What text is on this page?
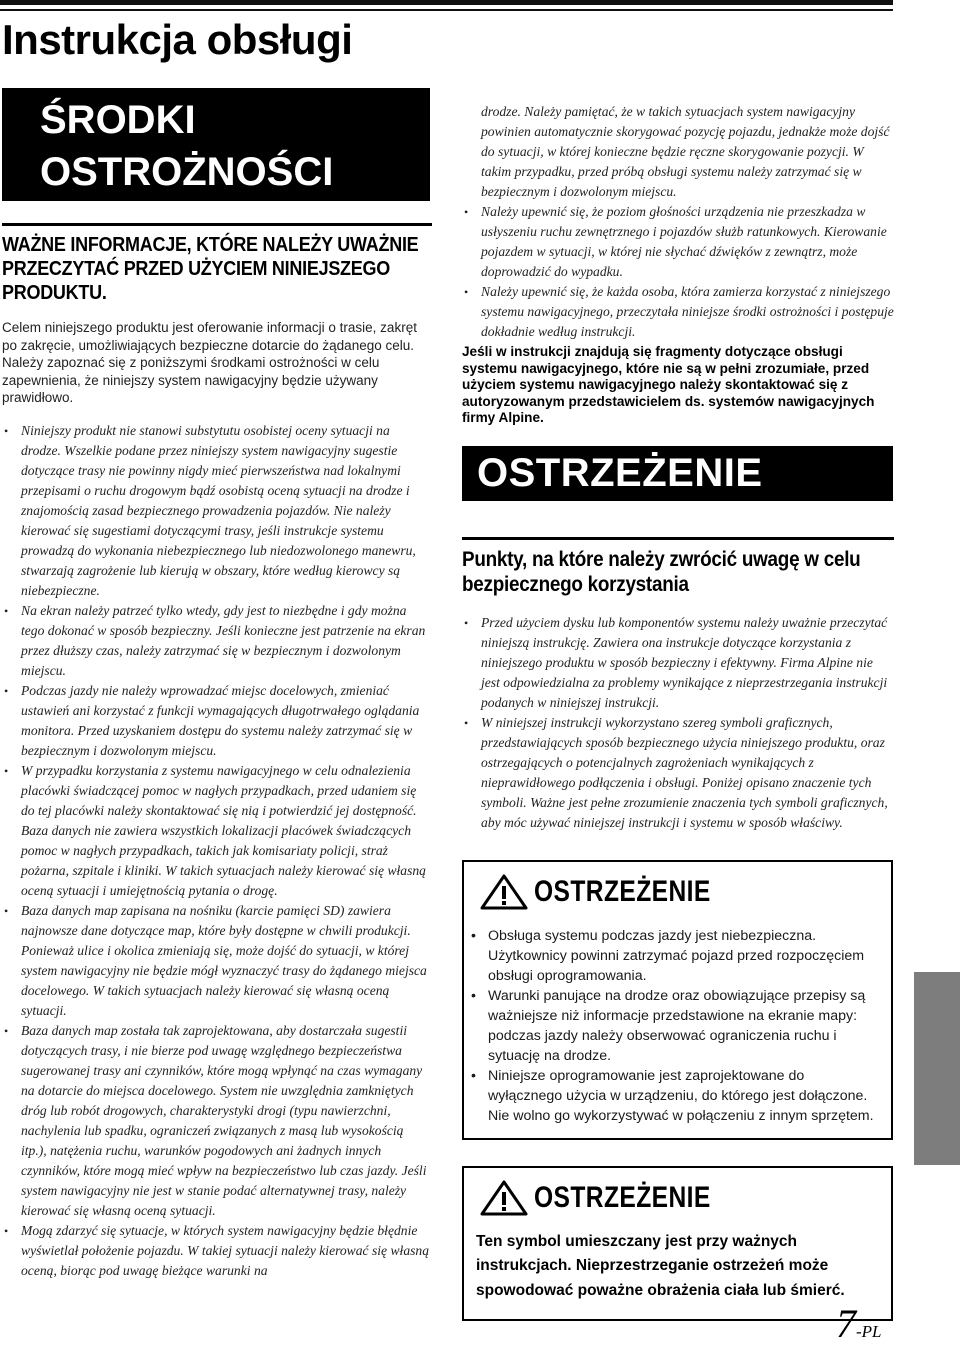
Instrukcja obsługi
ŚRODKI
OSTROŻNOŚCI
WAŻNE INFORMACJE, KTÓRE NALEŻY UWAŻNIE PRZECZYTAĆ PRZED UŻYCIEM NINIEJSZEGO PRODUKTU.
Celem niniejszego produktu jest oferowanie informacji o trasie, zakręt po zakręcie, umożliwiających bezpieczne dotarcie do żądanego celu. Należy zapoznać się z poniższymi środkami ostrożności w celu zapewnienia, że niniejszy system nawigacyjny będzie używany prawidłowo.
• Niniejszy produkt nie stanowi substytutu osobistej oceny sytuacji na drodze. Wszelkie podane przez niniejszy system nawigacyjny sugestie dotyczące trasy nie powinny nigdy mieć pierwszeństwa nad lokalnymi przepisami o ruchu drogowym bądź osobistą oceną sytuacji na drodze i znajomością zasad bezpiecznego prowadzenia pojazdów. Nie należy kierować się sugestiami dotyczącymi trasy, jeśli instrukcje systemu prowadzą do wykonania niebezpiecznego lub niedozwolonego manewru, stwarzają zagrożenie lub kierują w obszary, które według kierowcy są niebezpieczne.
• Na ekran należy patrzeć tylko wtedy, gdy jest to niezbędne i gdy można tego dokonać w sposób bezpieczny. Jeśli konieczne jest patrzenie na ekran przez dłuższy czas, należy zatrzymać się w bezpiecznym i dozwolonym miejscu.
• Podczas jazdy nie należy wprowadzać miejsc docelowych, zmieniać ustawień ani korzystać z funkcji wymagających długotrwałego oglądania monitora. Przed uzyskaniem dostępu do systemu należy zatrzymać się w bezpiecznym i dozwolonym miejscu.
• W przypadku korzystania z systemu nawigacyjnego w celu odnalezienia placówki świadczącej pomoc w nagłych przypadkach, przed udaniem się do tej placówki należy skontaktować się nią i potwierdzić jej dostępność. Baza danych nie zawiera wszystkich lokalizacji placówek świadczących pomoc w nagłych przypadkach, takich jak komisariaty policji, straż pożarna, szpitale i kliniki. W takich sytuacjach należy kierować się własną oceną sytuacji i umiejętnością pytania o drogę.
• Baza danych map zapisana na nośniku (karcie pamięci SD) zawiera najnowsze dane dotyczące map, które były dostępne w chwili produkcji. Ponieważ ulice i okolica zmieniają się, może dojść do sytuacji, w której system nawigacyjny nie będzie mógł wyznaczyć trasy do żądanego miejsca docelowego. W takich sytuacjach należy kierować się własną oceną sytuacji.
• Baza danych map została tak zaprojektowana, aby dostarczała sugestii dotyczących trasy, i nie bierze pod uwagę względnego bezpieczeństwa sugerowanej trasy ani czynników, które mogą wpłynąć na czas wymagany na dotarcie do miejsca docelowego. System nie uwzględnia zamkniętych dróg lub robót drogowych, charakterystyki drogi (typu nawierzchni, nachylenia lub spadku, ograniczeń związanych z masą lub wysokością itp.), natężenia ruchu, warunków pogodowych ani żadnych innych czynników, które mogą mieć wpływ na bezpieczeństwo lub czas jazdy. Jeśli system nawigacyjny nie jest w stanie podać alternatywnej trasy, należy kierować się własną oceną sytuacji.
• Mogą zdarzyć się sytuacje, w których system nawigacyjny będzie błędnie wyświetlał położenie pojazdu. W takiej sytuacji należy kierować się własną oceną, biorąc pod uwagę bieżące warunki na
drodze. Należy pamiętać, że w takich sytuacjach system nawigacyjny powinien automatycznie skorygować pozycję pojazdu, jednakże może dojść do sytuacji, w której konieczne będzie ręczne skorygowanie pozycji. W takim przypadku, przed próbą obsługi systemu należy zatrzymać się w bezpiecznym i dozwolonym miejscu.
• Należy upewnić się, że poziom głośności urządzenia nie przeszkadza w usłyszeniu ruchu zewnętrznego i pojazdów służb ratunkowych. Kierowanie pojazdem w sytuacji, w której nie słychać dźwięków z zewnątrz, może doprowadzić do wypadku.
• Należy upewnić się, że każda osoba, która zamierza korzystać z niniejszego systemu nawigacyjnego, przeczytała niniejsze środki ostrożności i postępuje dokładnie według instrukcji.
Jeśli w instrukcji znajdują się fragmenty dotyczące obsługi systemu nawigacyjnego, które nie są w pełni zrozumiałe, przed użyciem systemu nawigacyjnego należy skontaktować się z autoryzowanym przedstawicielem ds. systemów nawigacyjnych firmy Alpine.
OSTRZEŻENIE
Punkty, na które należy zwrócić uwagę w celu bezpiecznego korzystania
• Przed użyciem dysku lub komponentów systemu należy uważnie przeczytać niniejszą instrukcję. Zawiera ona instrukcje dotyczące korzystania z niniejszego produktu w sposób bezpieczny i efektywny. Firma Alpine nie jest odpowiedzialna za problemy wynikające z nieprzestrzegania instrukcji podanych w niniejszej instrukcji.
• W niniejszej instrukcji wykorzystano szereg symboli graficznych, przedstawiających sposób bezpiecznego użycia niniejszego produktu, oraz ostrzegających o potencjalnych zagrożeniach wynikających z nieprawidłowego podłączenia i obsługi. Poniżej opisano znaczenie tych symboli. Ważne jest pełne zrozumienie znaczenia tych symboli graficznych, aby móc używać niniejszej instrukcji i systemu w sposób właściwy.
OSTRZEŻENIE
• Obsługa systemu podczas jazdy jest niebezpieczna. Użytkownicy powinni zatrzymać pojazd przed rozpoczęciem obsługi oprogramowania.
• Warunki panujące na drodze oraz obowiązujące przepisy są ważniejsze niż informacje przedstawione na ekranie mapy: podczas jazdy należy obserwować ograniczenia ruchu i sytuację na drodze.
• Niniejsze oprogramowanie jest zaprojektowane do wyłącznego użycia w urządzeniu, do którego jest dołączone. Nie wolno go wykorzystywać w połączeniu z innym sprzętem.
OSTRZEŻENIE
Ten symbol umieszczany jest przy ważnych instrukcjach. Nieprzestrzeganie ostrzeżeń może spowodować poważne obrażenia ciała lub śmierć.
7-PL
